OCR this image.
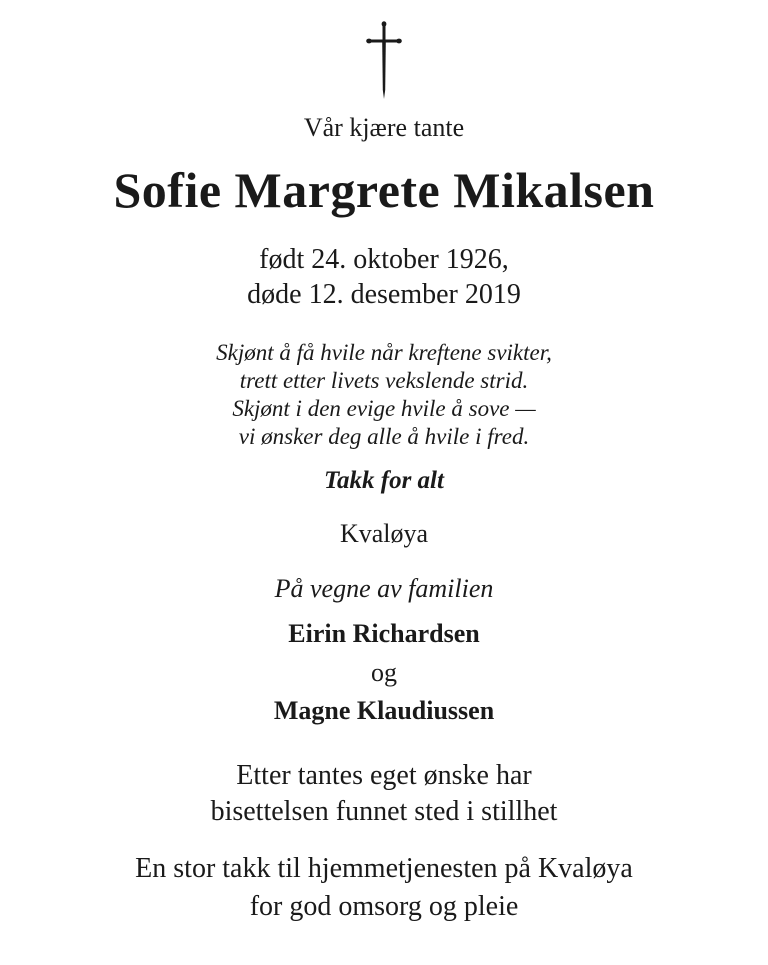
Vår kjære tante
Sofie Margrete Mikalsen
født 24. oktober 1926,
døde 12. desember 2019
Skjønt å få hvile når kreftene svikter,
trett etter livets vekslende strid.
Skjønt i den evige hvile å sove —
vi ønsker deg alle å hvile i fred.
Takk for alt
Kvaløya
På vegne av familien
Eirin Richardsen
og
Magne Klaudiussen
Etter tantes eget ønske har
bisettelsen funnet sted i stillhet
En stor takk til hjemmetjenesten på Kvaløya
for god omsorg og pleie
